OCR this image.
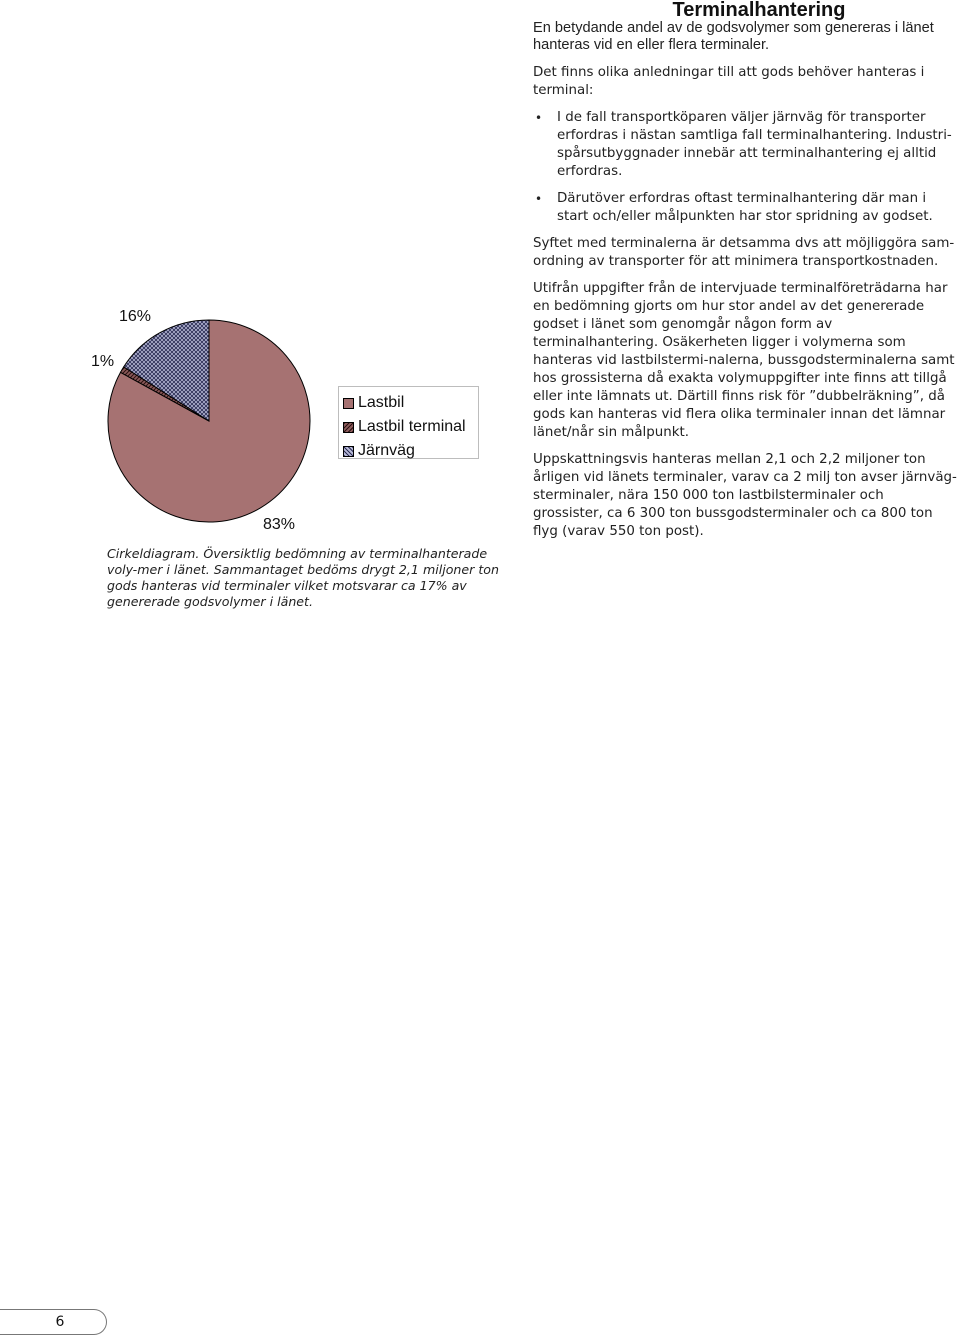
Terminalhantering

En betydande andel av de godsvolymer som genereras i länet hanteras vid en eller flera terminaler.

Det finns olika anledningar till att gods behöver hanteras i terminal:

• I de fall transportköparen väljer järnväg för transporter erfordras i nästan samtliga fall terminalhantering. Industri-spårsutbyggnader innebär att terminalhantering ej alltid erfordras.
• Därutöver erfordras oftast terminalhantering där man i start och/eller målpunkten har stor spridning av godset.

Syftet med terminalerna är detsamma dvs att möjliggöra sam-ordning av transporter för att minimera transportkostnaden.

Utifrån uppgifter från de intervjuade terminalföreträdarna har en bedömning gjorts om hur stor andel av det genererade godset i länet som genomgår någon form av terminalhantering. Osäkerheten ligger i volymerna som hanteras vid lastbilstermi-nalerna, bussgodsterminalerna samt hos grossisterna då exakta volymuppgifter inte finns att tillgå eller inte lämnats ut. Därtill finns risk för ”dubbelräkning”, då gods kan hanteras vid flera olika terminaler innan det lämnar länet/når sin målpunkt.

Uppskattningsvis hanteras mellan 2,1 och 2,2 miljoner ton årligen vid länets terminaler, varav ca 2 milj ton avser järnväg-sterminaler, nära 150 000 ton lastbilsterminaler och grossister, ca 6 300 ton bussgodsterminaler och ca 800 ton flyg (varav 550 ton post).

16%
1%
83%
Lastbil
Lastbil terminal
Järnväg

Cirkeldiagram. Översiktlig bedömning av terminalhanterade voly-mer i länet. Sammantaget bedöms drygt 2,1 miljoner ton gods hanteras vid terminaler vilket motsvarar ca 17% av genererade godsvolymer i länet.

6
